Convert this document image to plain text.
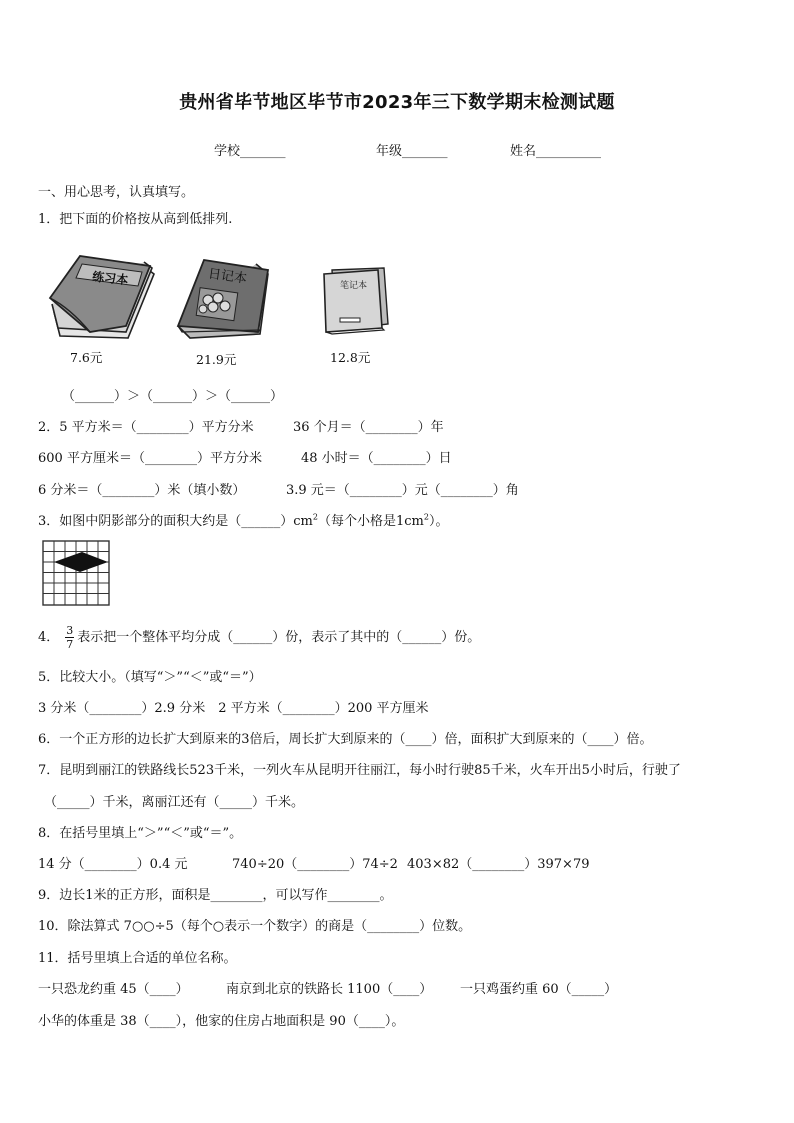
贵州省毕节地区毕节市2023年三下数学期末检测试题
学校_______	年级_______	姓名__________
一、用心思考，认真填写。
1．把下面的价格按从高到低排列.
练习本
7.6元
日记本
21.9元
笔记本
12.8元
（______）＞（______）＞（______）
2．5 平方米＝（________）平方分米	36 个月＝（________）年
600 平方厘米＝（________）平方分米	48 小时＝（________）日
6 分米＝（________）米（填小数）	3.9 元＝（________）元（________）角
3．如图中阴影部分的面积大约是$(\_\_\_\_\_\_)cm^2$（每个小格是$1cm^2$）。
4． $\frac{3}{7}$ 表示把一个整体平均分成（______）份，表示了其中的（______）份。
5．比较大小。（填写“＞”“＜”或“＝”）
3 分米（________）2.9 分米　2 平方米（________）200 平方厘米
6．一个正方形的边长扩大到原来的3倍后，周长扩大到原来的（____）倍，面积扩大到原来的（____）倍。
7．昆明到丽江的铁路线长523千米，一列火车从昆明开往丽江，每小时行驶85千米，火车开出5小时后，行驶了
（_____）千米，离丽江还有（_____）千米。
8．在括号里填上“＞”“＜”或“＝”。
14 分（________）0.4 元	740÷20（________）74÷2 403×82（________）397×79
9．边长1米的正方形，面积是________，可以写作________。
10．除法算式 7○○÷5（每个○表示一个数字）的商是（________）位数。
11．括号里填上合适的单位名称。
一只恐龙约重 45（____）	南京到北京的铁路长 1100（____） 一只鸡蛋约重 60（_____）
小华的体重是 38（____），他家的住房占地面积是 90（____）。
